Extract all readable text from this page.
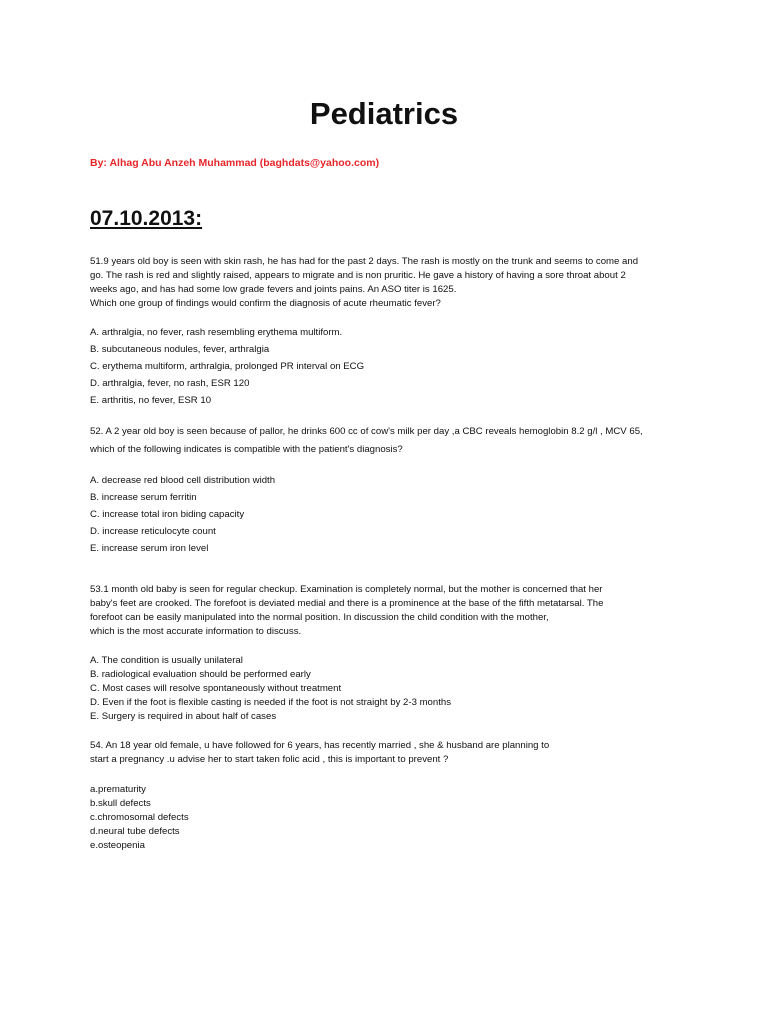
Pediatrics
By: Alhag Abu Anzeh Muhammad (baghdats@yahoo.com)
07.10.2013:
51.9 years old boy is seen with skin rash, he has had for the past 2 days. The rash is mostly on the trunk and seems to come and
go. The rash is red and slightly raised, appears to migrate and is non pruritic. He gave a history of having a sore throat about 2
weeks ago, and has had some low grade fevers and joints pains. An ASO titer is 1625.
Which one group of findings would confirm the diagnosis of acute rheumatic fever?
A. arthralgia, no fever, rash resembling erythema multiform.
B. subcutaneous nodules, fever, arthralgia
C. erythema multiform, arthralgia, prolonged PR interval on ECG
D. arthralgia, fever, no rash, ESR 120
E. arthritis, no fever, ESR 10
52. A 2 year old boy is seen because of pallor, he drinks 600 cc of cow's milk per day ,a CBC reveals hemoglobin 8.2 g/l , MCV 65,
which of the following indicates is compatible with the patient's diagnosis?
A. decrease red blood cell distribution width
B. increase serum ferritin
C. increase total iron biding capacity
D. increase reticulocyte count
E. increase serum iron level
53.1 month old baby is seen for regular checkup. Examination is completely normal, but the mother is concerned that her
baby's feet are crooked. The forefoot is deviated medial and there is a prominence at the base of the fifth metatarsal. The
forefoot can be easily manipulated into the normal position. In discussion the child condition with the mother,
which is the most accurate information to discuss.
A. The condition is usually unilateral
B. radiological evaluation should be performed early
C. Most cases will resolve spontaneously without treatment
D. Even if the foot is flexible casting is needed if the foot is not straight by 2-3 months
E. Surgery is required in about half of cases
54. An 18 year old female, u have followed for 6 years, has recently married , she & husband are planning to
start a pregnancy .u advise her to start taken folic acid , this is important to prevent ?
a.prematurity
b.skull defects
c.chromosomal defects
d.neural tube defects
e.osteopenia
